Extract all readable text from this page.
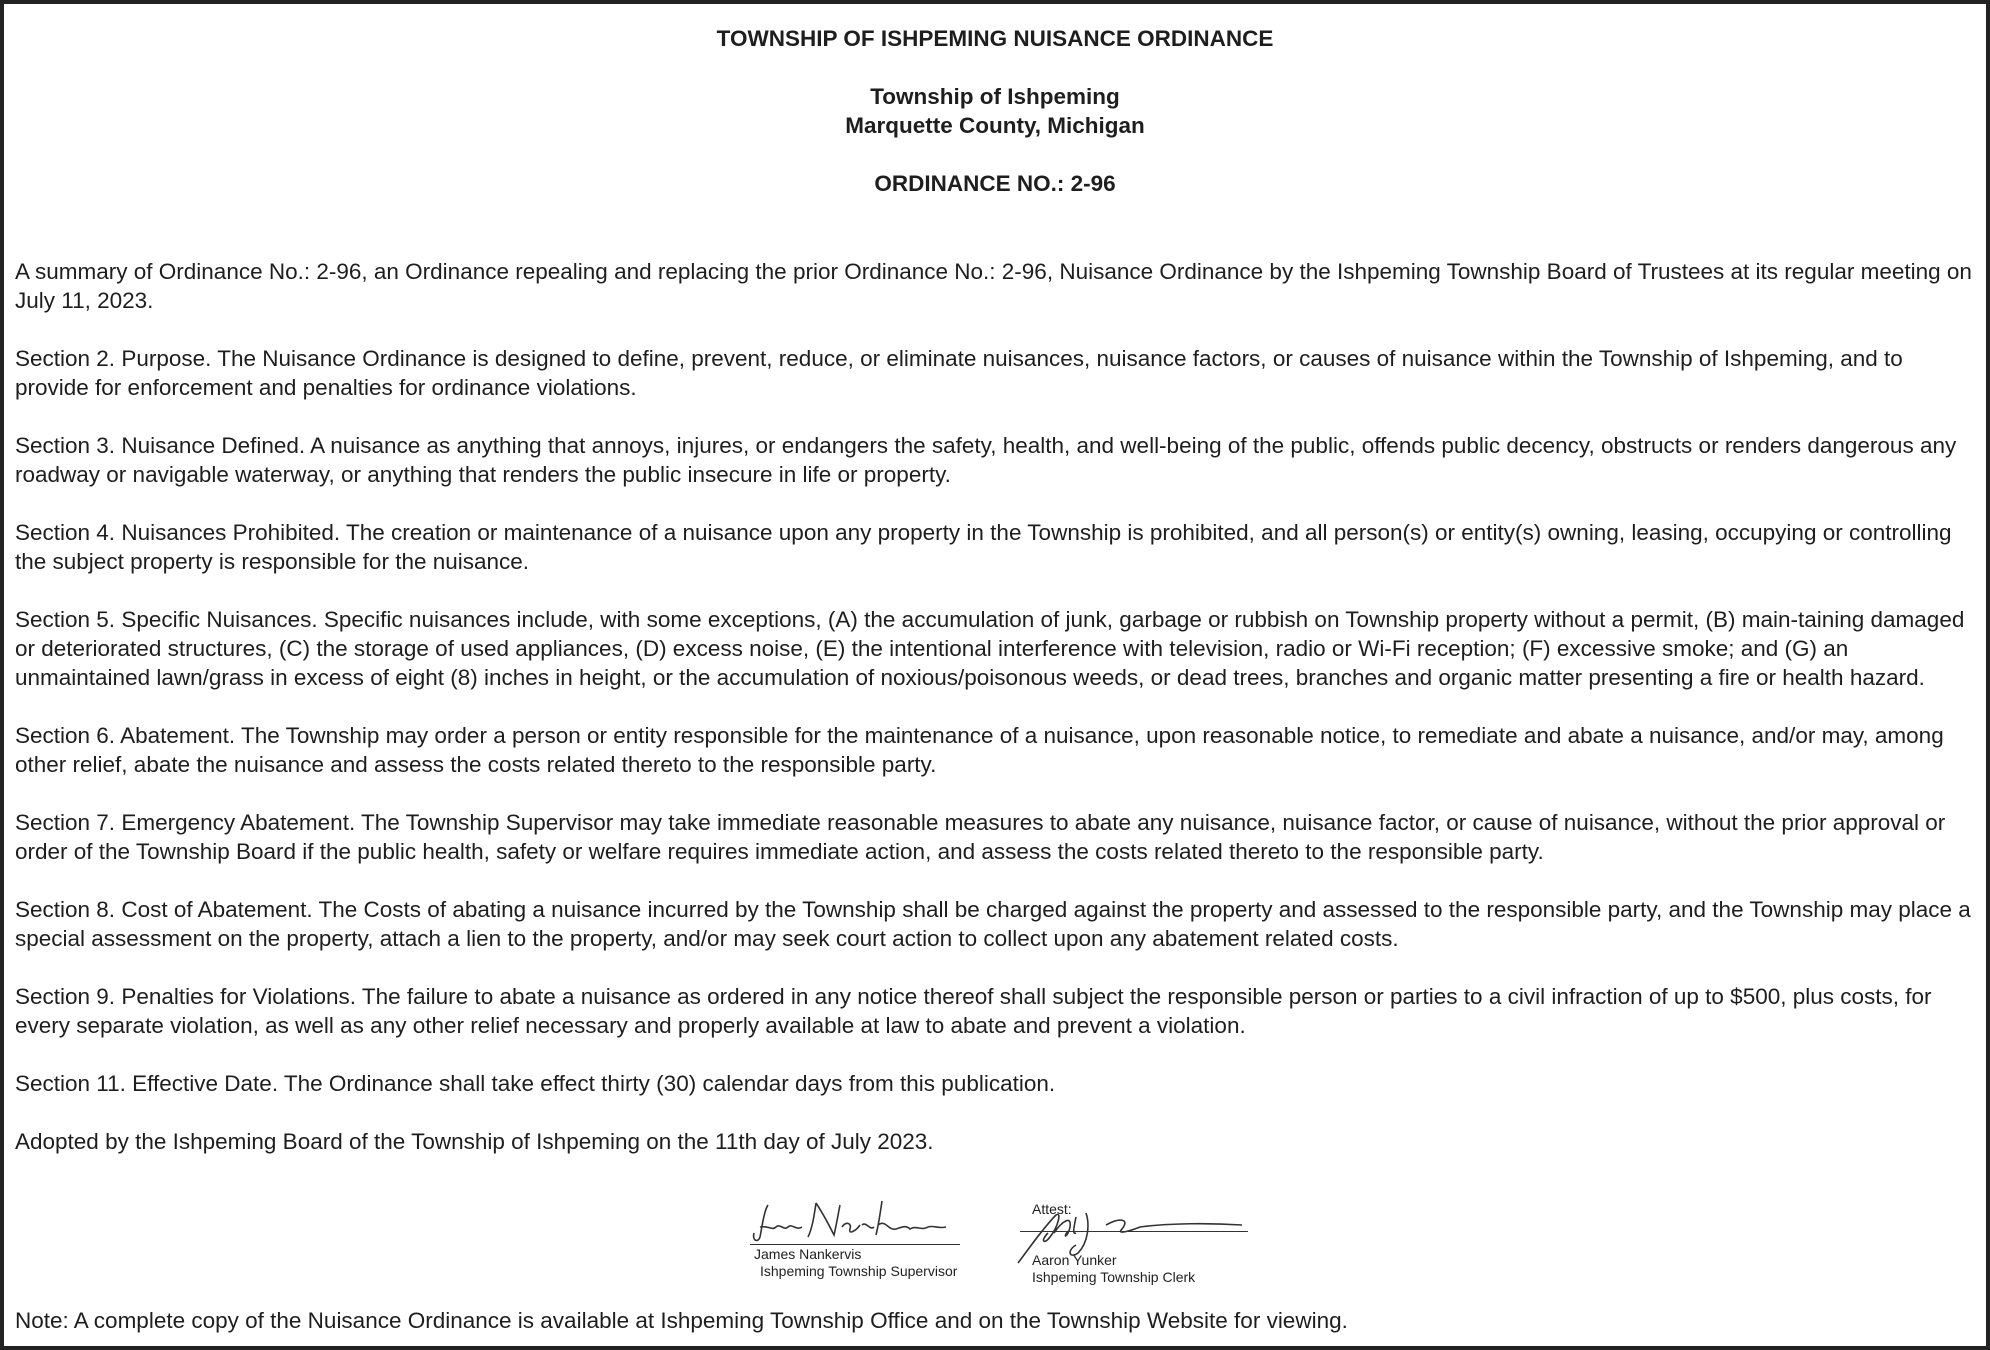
TOWNSHIP OF ISHPEMING NUISANCE ORDINANCE
Township of Ishpeming
Marquette County, Michigan
ORDINANCE NO.: 2-96

A summary of Ordinance No.: 2-96, an Ordinance repealing and replacing the prior Ordinance No.: 2-96, Nuisance Ordinance by the Ishpeming Township Board of Trustees at its regular meeting on July 11, 2023.

Section 2. Purpose. The Nuisance Ordinance is designed to define, prevent, reduce, or eliminate nuisances, nuisance factors, or causes of nuisance within the Township of Ishpeming, and to provide for enforcement and penalties for ordinance violations.

Section 3. Nuisance Defined. A nuisance as anything that annoys, injures, or endangers the safety, health, and well-being of the public, offends public decency, obstructs or renders dangerous any roadway or navigable waterway, or anything that renders the public insecure in life or property.

Section 4. Nuisances Prohibited. The creation or maintenance of a nuisance upon any property in the Township is prohibited, and all person(s) or entity(s) owning, leasing, occupying or controlling the subject property is responsible for the nuisance.

Section 5. Specific Nuisances. Specific nuisances include, with some exceptions, (A) the accumulation of junk, garbage or rubbish on Township property without a permit, (B) main-taining damaged or deteriorated structures, (C) the storage of used appliances, (D) excess noise, (E) the intentional interference with television, radio or Wi-Fi reception; (F) excessive smoke; and (G) an unmaintained lawn/grass in excess of eight (8) inches in height, or the accumulation of noxious/poisonous weeds, or dead trees, branches and organic matter presenting a fire or health hazard.

Section 6. Abatement. The Township may order a person or entity responsible for the maintenance of a nuisance, upon reasonable notice, to remediate and abate a nuisance, and/or may, among other relief, abate the nuisance and assess the costs related thereto to the responsible party.

Section 7. Emergency Abatement. The Township Supervisor may take immediate reasonable measures to abate any nuisance, nuisance factor, or cause of nuisance, without the prior approval or order of the Township Board if the public health, safety or welfare requires immediate action, and assess the costs related thereto to the responsible party.

Section 8. Cost of Abatement. The Costs of abating a nuisance incurred by the Township shall be charged against the property and assessed to the responsible party, and the Township may place a special assessment on the property, attach a lien to the property, and/or may seek court action to collect upon any abatement related costs.

Section 9. Penalties for Violations. The failure to abate a nuisance as ordered in any notice thereof shall subject the responsible person or parties to a civil infraction of up to $500, plus costs, for every separate violation, as well as any other relief necessary and properly available at law to abate and prevent a violation.

Section 11. Effective Date. The Ordinance shall take effect thirty (30) calendar days from this publication.

Adopted by the Ishpeming Board of the Township of Ishpeming on the 11th day of July 2023.

James Nankervis
Ishpeming Township Supervisor
Attest:
Aaron Yunker
Ishpeming Township Clerk
Note: A complete copy of the Nuisance Ordinance is available at Ishpeming Township Office and on the Township Website for viewing.
